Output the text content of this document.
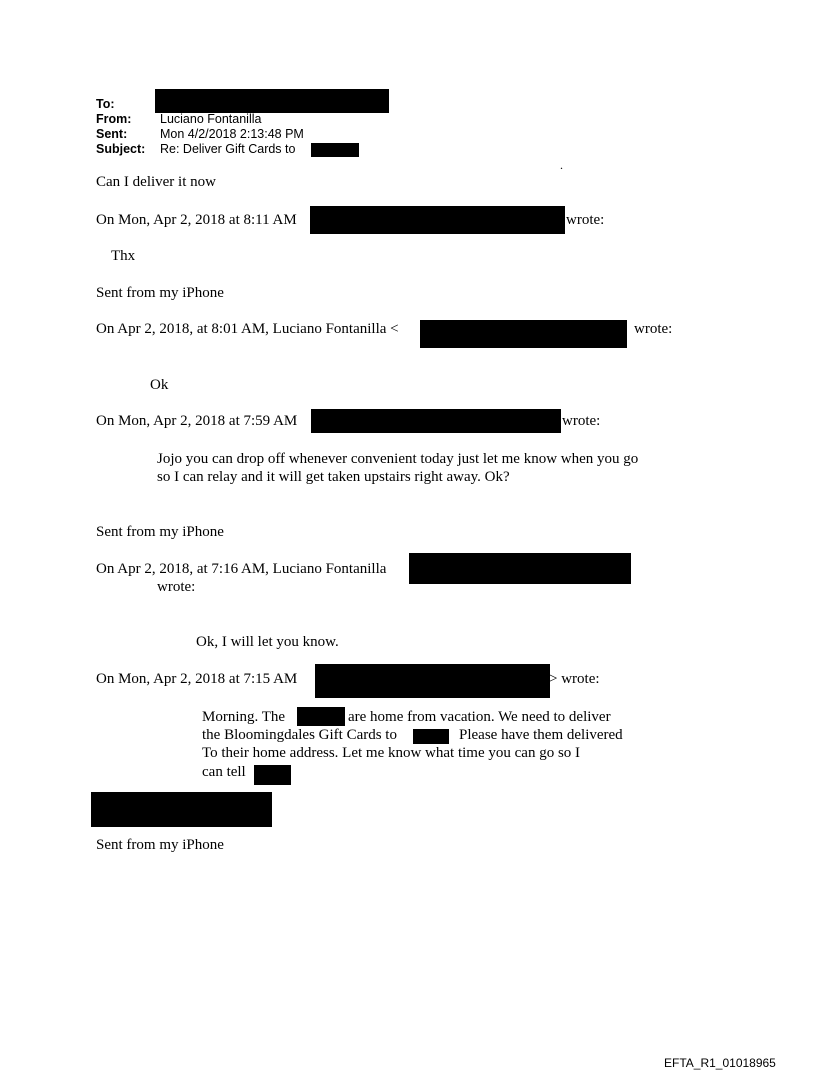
To:
From: Luciano Fontanilla
Sent:	Mon 4/2/2018 2:13:48 PM
Subject: Re: Deliver Gift Cards to
.
Can I deliver it now
On Mon, Apr 2, 2018 at 8:11 AM	wrote:
Thx
Sent from my iPhone
On Apr 2, 2018, at 8:01 AM, Luciano Fontanilla <	wrote:
Ok
On Mon, Apr 2, 2018 at 7:59 AM	wrote:
Jojo you can drop off whenever convenient today just let me know when you go
so I can relay and it will get taken upstairs right away. Ok?
Sent from my iPhone
On Apr 2, 2018, at 7:16 AM, Luciano Fontanilla
wrote:
Ok, I will let you know.
On Mon, Apr 2, 2018 at 7:15 AM	> wrote:
Morning. The	are home from vacation. We need to deliver
the Bloomingdales Gift Cards to	Please have them delivered
To their home address. Let me know what time you can go so I
can tell
Sent from my iPhone
EFTA_R1_01018965
